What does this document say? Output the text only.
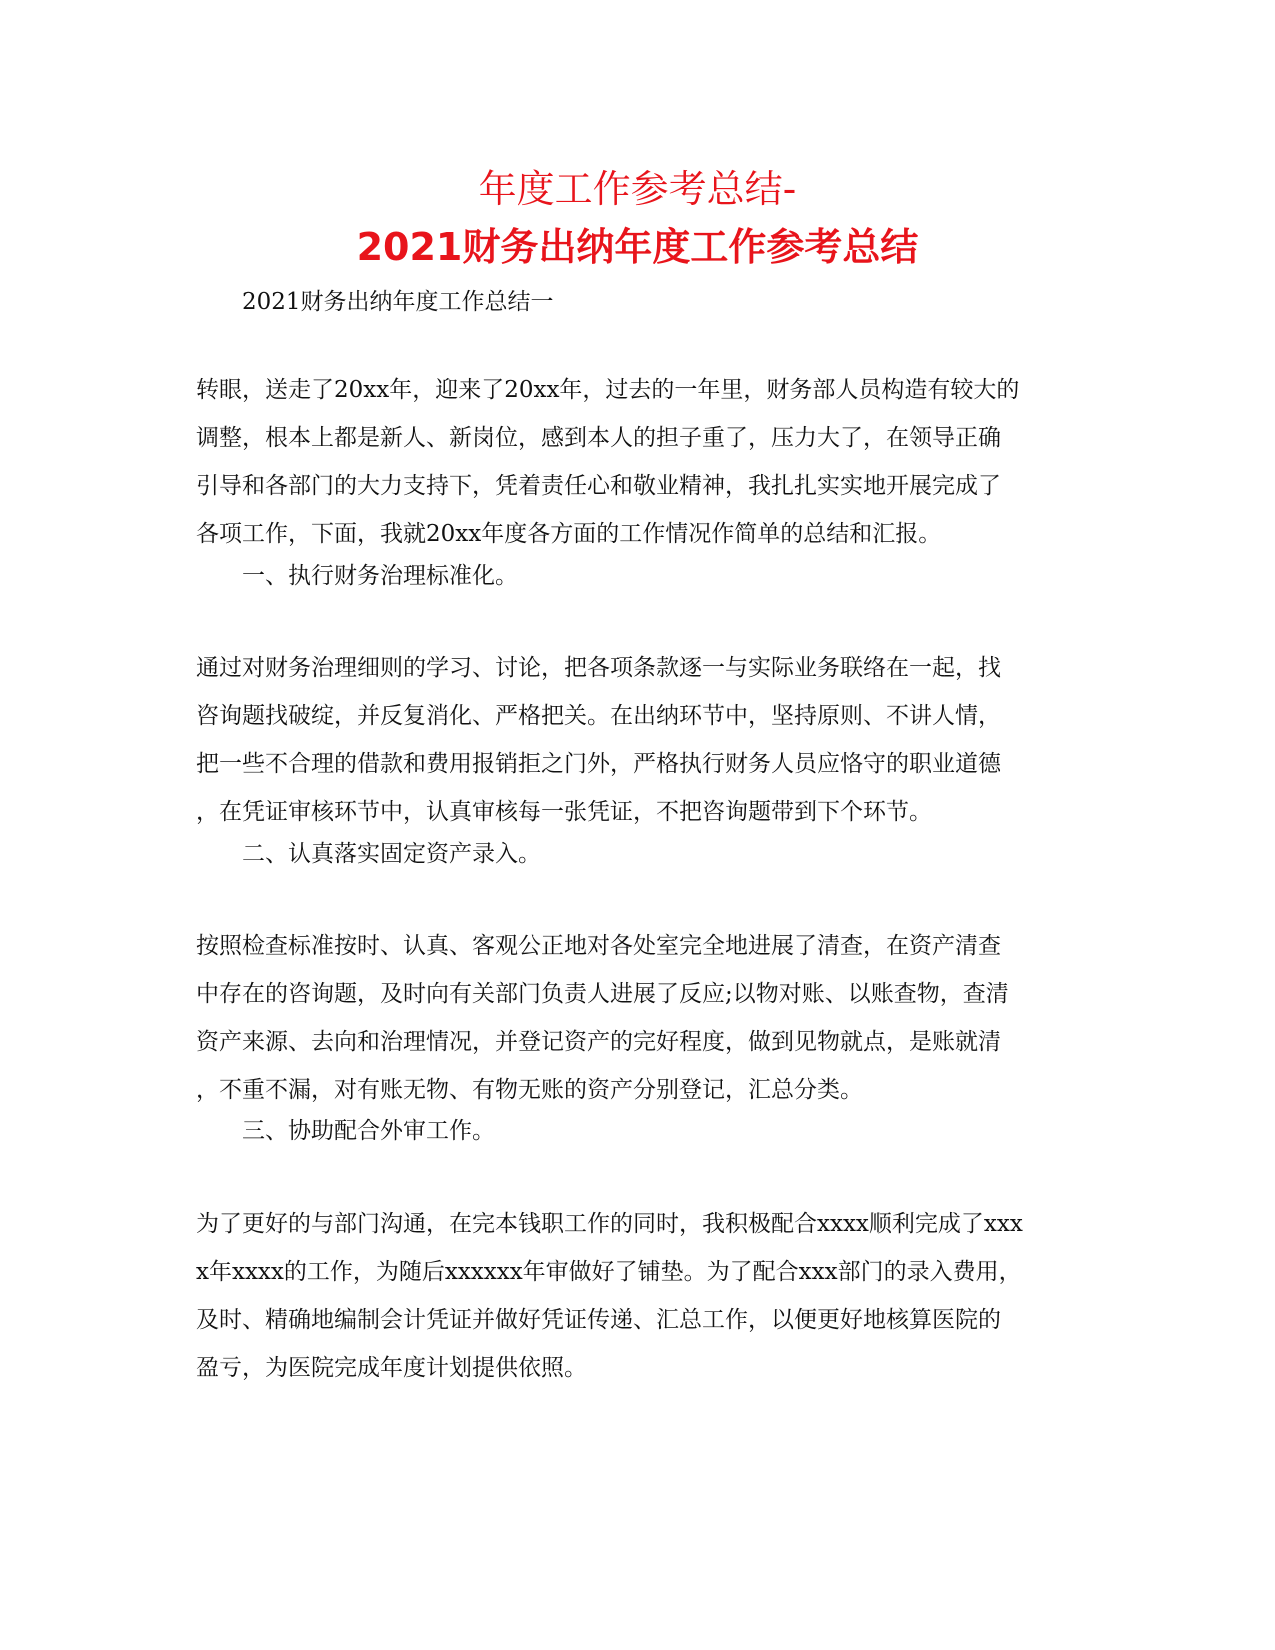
年度工作参考总结-
2021财务出纳年度工作参考总结
2021财务出纳年度工作总结一
转眼，送走了20xx年，迎来了20xx年，过去的一年里，财务部人员构造有较大的
调整，根本上都是新人、新岗位，感到本人的担子重了，压力大了，在领导正确
引导和各部门的大力支持下，凭着责任心和敬业精神，我扎扎实实地开展完成了
各项工作，下面，我就20xx年度各方面的工作情况作简单的总结和汇报。
一、执行财务治理标准化。
通过对财务治理细则的学习、讨论，把各项条款逐一与实际业务联络在一起，找
咨询题找破绽，并反复消化、严格把关。在出纳环节中，坚持原则、不讲人情，
把一些不合理的借款和费用报销拒之门外，严格执行财务人员应恪守的职业道德
，在凭证审核环节中，认真审核每一张凭证，不把咨询题带到下个环节。
二、认真落实固定资产录入。
按照检查标准按时、认真、客观公正地对各处室完全地进展了清查，在资产清查
中存在的咨询题，及时向有关部门负责人进展了反应;以物对账、以账查物，查清
资产来源、去向和治理情况，并登记资产的完好程度，做到见物就点，是账就清
，不重不漏，对有账无物、有物无账的资产分别登记，汇总分类。
三、协助配合外审工作。
为了更好的与部门沟通，在完本钱职工作的同时，我积极配合xxxx顺利完成了xxx
x年xxxx的工作，为随后xxxxxx年审做好了铺垫。为了配合xxx部门的录入费用，
及时、精确地编制会计凭证并做好凭证传递、汇总工作，以便更好地核算医院的
盈亏，为医院完成年度计划提供依照。
